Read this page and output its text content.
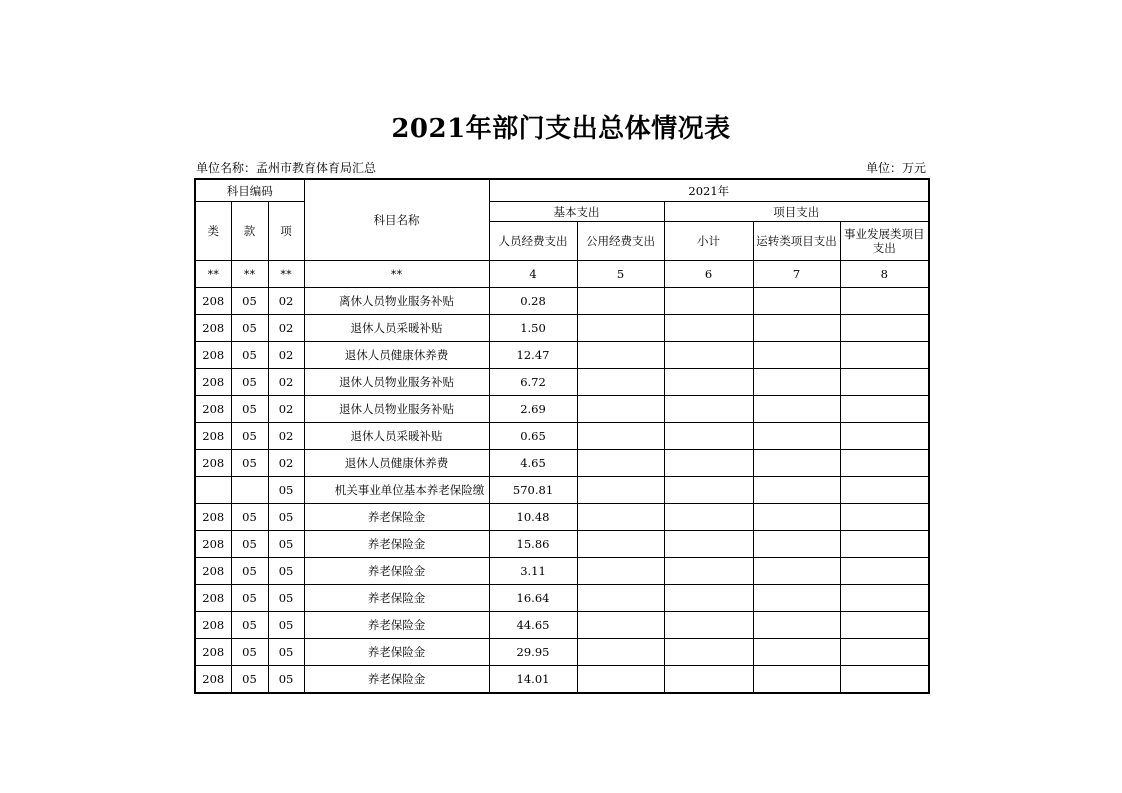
2021年部门支出总体情况表
单位名称：孟州市教育体育局汇总	单位：万元
科目编码			科目名称	2021年				
类	款	项		基本支出		项目支出		
				人员经费支出	公用经费支出	小计	运转类项目支出	事业发展类项目支出
**	**	**	**	4	5	6	7	8
208	05	02	离休人员物业服务补贴	0.28				
208	05	02	退休人员采暖补贴	1.50				
208	05	02	退休人员健康休养费	12.47				
208	05	02	退休人员物业服务补贴	6.72				
208	05	02	退休人员物业服务补贴	2.69				
208	05	02	退休人员采暖补贴	0.65				
208	05	02	退休人员健康休养费	4.65				
		05	机关事业单位基本养老保险缴	570.81				
208	05	05	养老保险金	10.48				
208	05	05	养老保险金	15.86				
208	05	05	养老保险金	3.11				
208	05	05	养老保险金	16.64				
208	05	05	养老保险金	44.65				
208	05	05	养老保险金	29.95				
208	05	05	养老保险金	14.01				
